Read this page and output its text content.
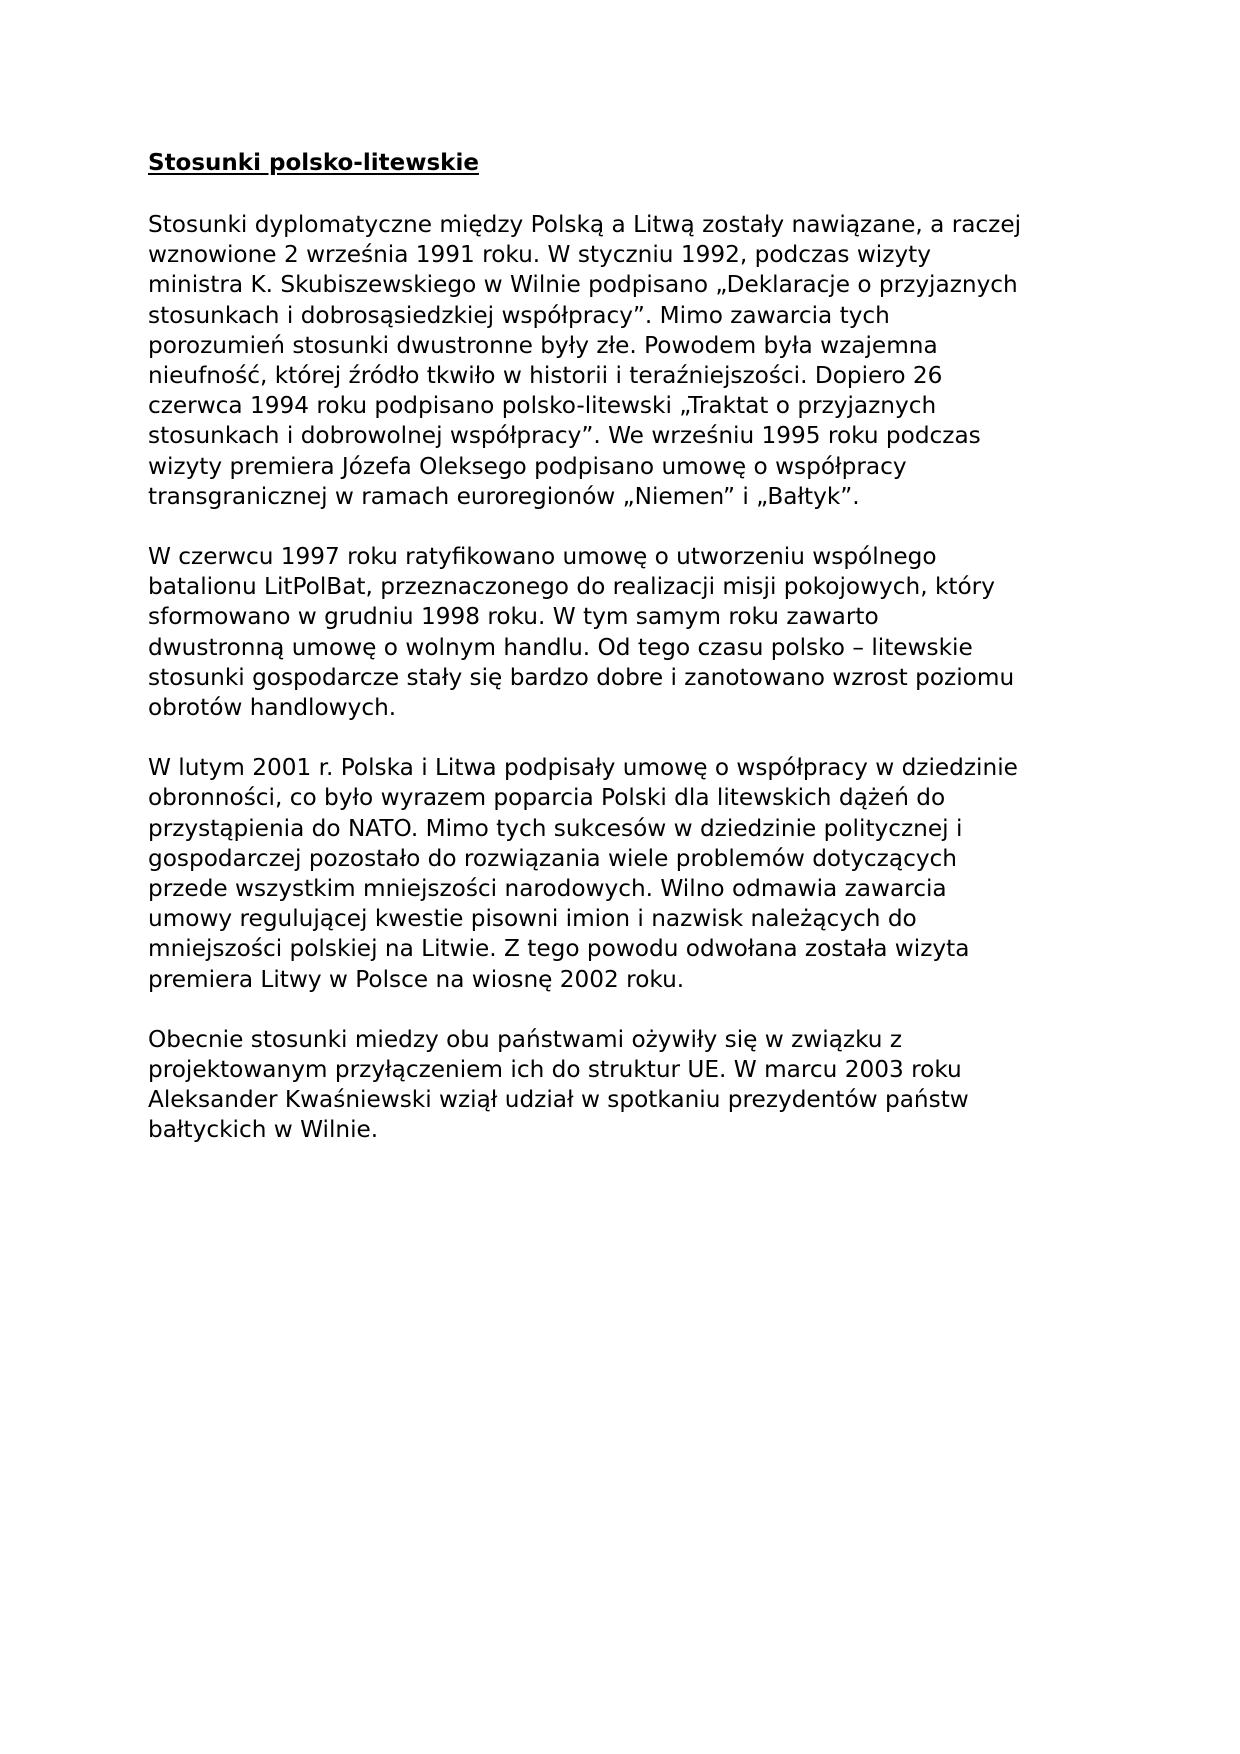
Stosunki polsko-litewskie
Stosunki dyplomatyczne między Polską a Litwą zostały nawiązane, a raczej
wznowione 2 września 1991 roku. W styczniu 1992, podczas wizyty
ministra K. Skubiszewskiego w Wilnie podpisano „Deklaracje o przyjaznych
stosunkach i dobrosąsiedzkiej współpracy”. Mimo zawarcia tych
porozumień stosunki dwustronne były złe. Powodem była wzajemna
nieufność, której źródło tkwiło w historii i teraźniejszości. Dopiero 26
czerwca 1994 roku podpisano polsko-litewski „Traktat o przyjaznych
stosunkach i dobrowolnej współpracy”. We wrześniu 1995 roku podczas
wizyty premiera Józefa Oleksego podpisano umowę o współpracy
transgranicznej w ramach euroregionów „Niemen” i „Bałtyk”.
W czerwcu 1997 roku ratyfikowano umowę o utworzeniu wspólnego
batalionu LitPolBat, przeznaczonego do realizacji misji pokojowych, który
sformowano w grudniu 1998 roku. W tym samym roku zawarto
dwustronną umowę o wolnym handlu. Od tego czasu polsko – litewskie
stosunki gospodarcze stały się bardzo dobre i zanotowano wzrost poziomu
obrotów handlowych.
W lutym 2001 r. Polska i Litwa podpisały umowę o współpracy w dziedzinie
obronności, co było wyrazem poparcia Polski dla litewskich dążeń do
przystąpienia do NATO. Mimo tych sukcesów w dziedzinie politycznej i
gospodarczej pozostało do rozwiązania wiele problemów dotyczących
przede wszystkim mniejszości narodowych. Wilno odmawia zawarcia
umowy regulującej kwestie pisowni imion i nazwisk należących do
mniejszości polskiej na Litwie. Z tego powodu odwołana została wizyta
premiera Litwy w Polsce na wiosnę 2002 roku.
Obecnie stosunki miedzy obu państwami ożywiły się w związku z
projektowanym przyłączeniem ich do struktur UE. W marcu 2003 roku
Aleksander Kwaśniewski wziął udział w spotkaniu prezydentów państw
bałtyckich w Wilnie.
